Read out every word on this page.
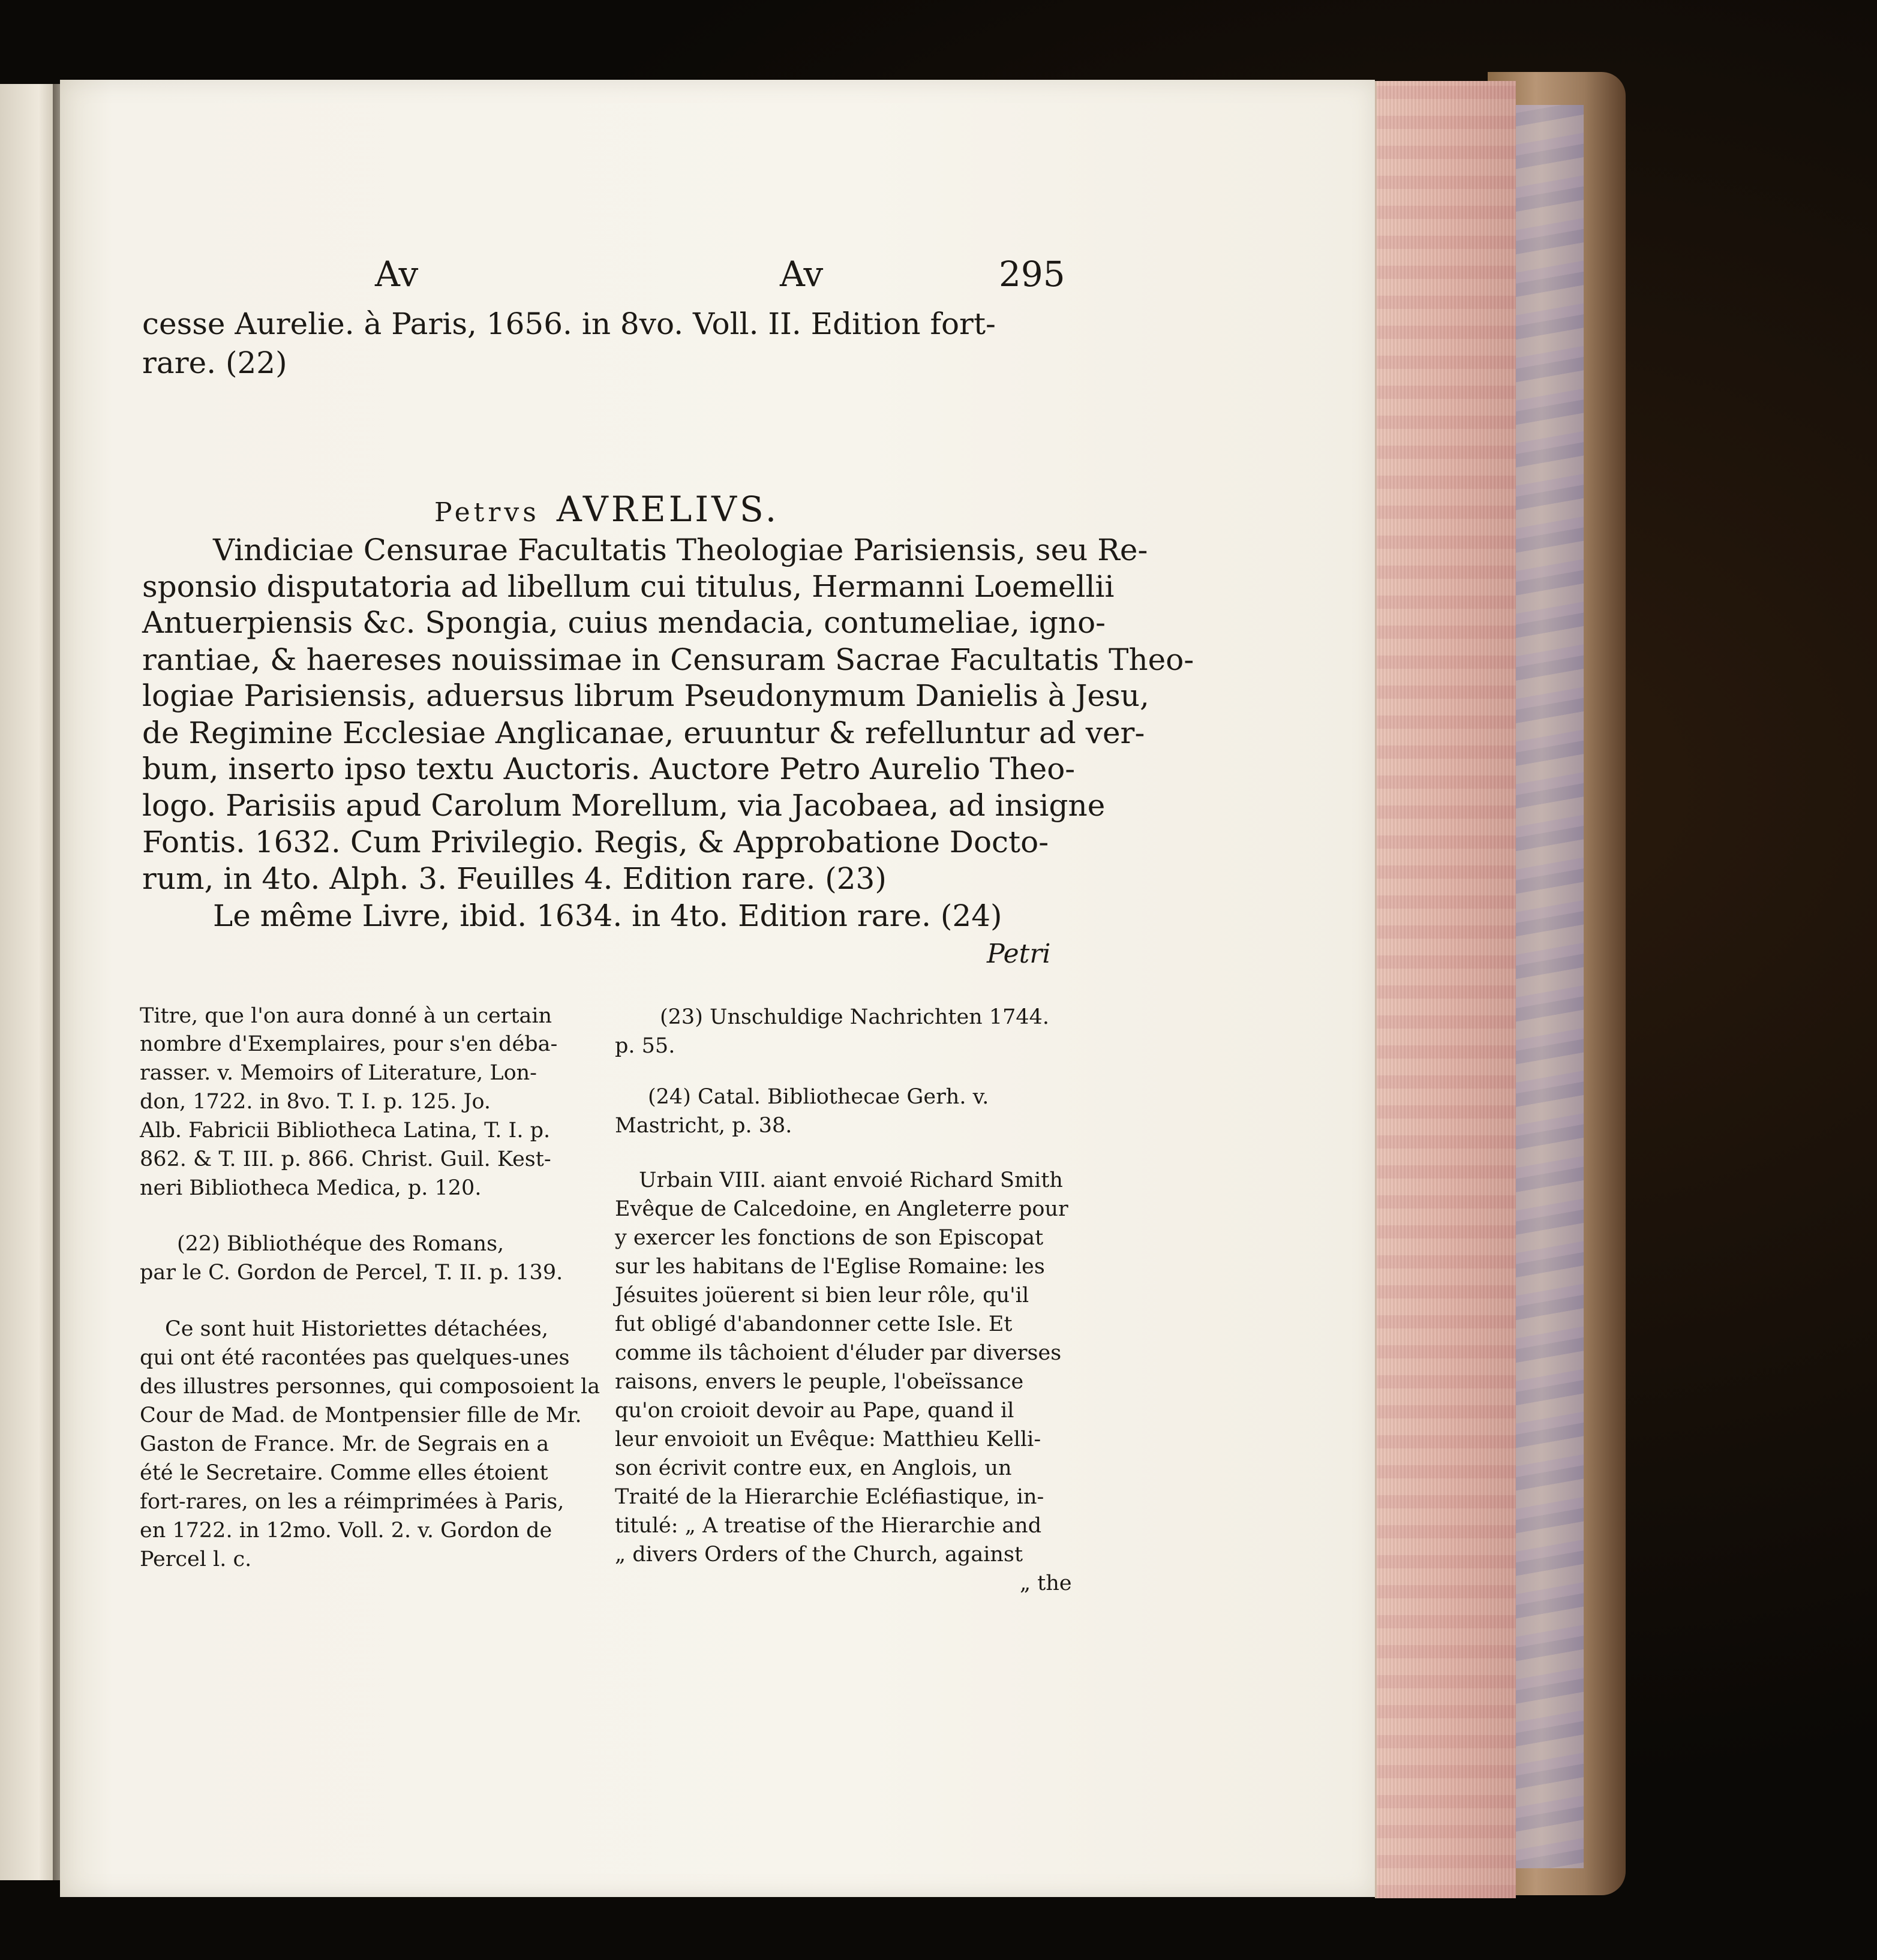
Av	Av	295
cesse Aurelie. à Paris, 1656. in 8vo. Voll. II. Edition fort-
rare. (22)
Petrvs AVRELIVS.
Vindiciae Censurae Facultatis Theologiae Parisiensis, seu Re-
sponsio disputatoria ad libellum cui titulus, Hermanni Loemellii
Antuerpiensis &c. Spongia, cuius mendacia, contumeliae, igno-
rantiae, & haereses nouissimae in Censuram Sacrae Facultatis Theo-
logiae Parisiensis, aduersus librum Pseudonymum Danielis à Jesu,
de Regimine Ecclesiae Anglicanae, eruuntur & refelluntur ad ver-
bum, inserto ipso textu Auctoris. Auctore Petro Aurelio Theo-
logo. Parisiis apud Carolum Morellum, via Jacobaea, ad insigne
Fontis. 1632. Cum Privilegio. Regis, & Approbatione Docto-
rum, in 4to. Alph. 3. Feuilles 4. Edition rare. (23)
Le même Livre, ibid. 1634. in 4to. Edition rare. (24)
Petri
Titre, que l'on aura donné à un certain
nombre d'Exemplaires, pour s'en déba-
rasser. v. Memoirs of Literature, Lon-
don, 1722. in 8vo. T. I. p. 125. Jo.
Alb. Fabricii Bibliotheca Latina, T. I. p.
862. & T. III. p. 866. Christ. Guil. Kest-
neri Bibliotheca Medica, p. 120.
(22) Bibliothéque des Romans,
par le C. Gordon de Percel, T. II. p. 139.
Ce sont huit Historiettes détachées,
qui ont été racontées pas quelques-unes
des illustres personnes, qui composoient la
Cour de Mad. de Montpensier fille de Mr.
Gaston de France. Mr. de Segrais en a
été le Secretaire. Comme elles étoient
fort-rares, on les a réimprimées à Paris,
en 1722. in 12mo. Voll. 2. v. Gordon de
Percel l. c.
(23) Unschuldige Nachrichten 1744.
p. 55.
(24) Catal. Bibliothecae Gerh. v.
Mastricht, p. 38.
Urbain VIII. aiant envoié Richard Smith
Evêque de Calcedoine, en Angleterre pour
y exercer les fonctions de son Episcopat
sur les habitans de l'Eglise Romaine: les
Jésuites joüerent si bien leur rôle, qu'il
fut obligé d'abandonner cette Isle. Et
comme ils tâchoient d'éluder par diverses
raisons, envers le peuple, l'obeïssance
qu'on croioit devoir au Pape, quand il
leur envoioit un Evêque: Matthieu Kelli-
son écrivit contre eux, en Anglois, un
Traité de la Hierarchie Ecléfiastique, in-
titulé: „ A treatise of the Hierarchie and
„ divers Orders of the Church, against
„ the
